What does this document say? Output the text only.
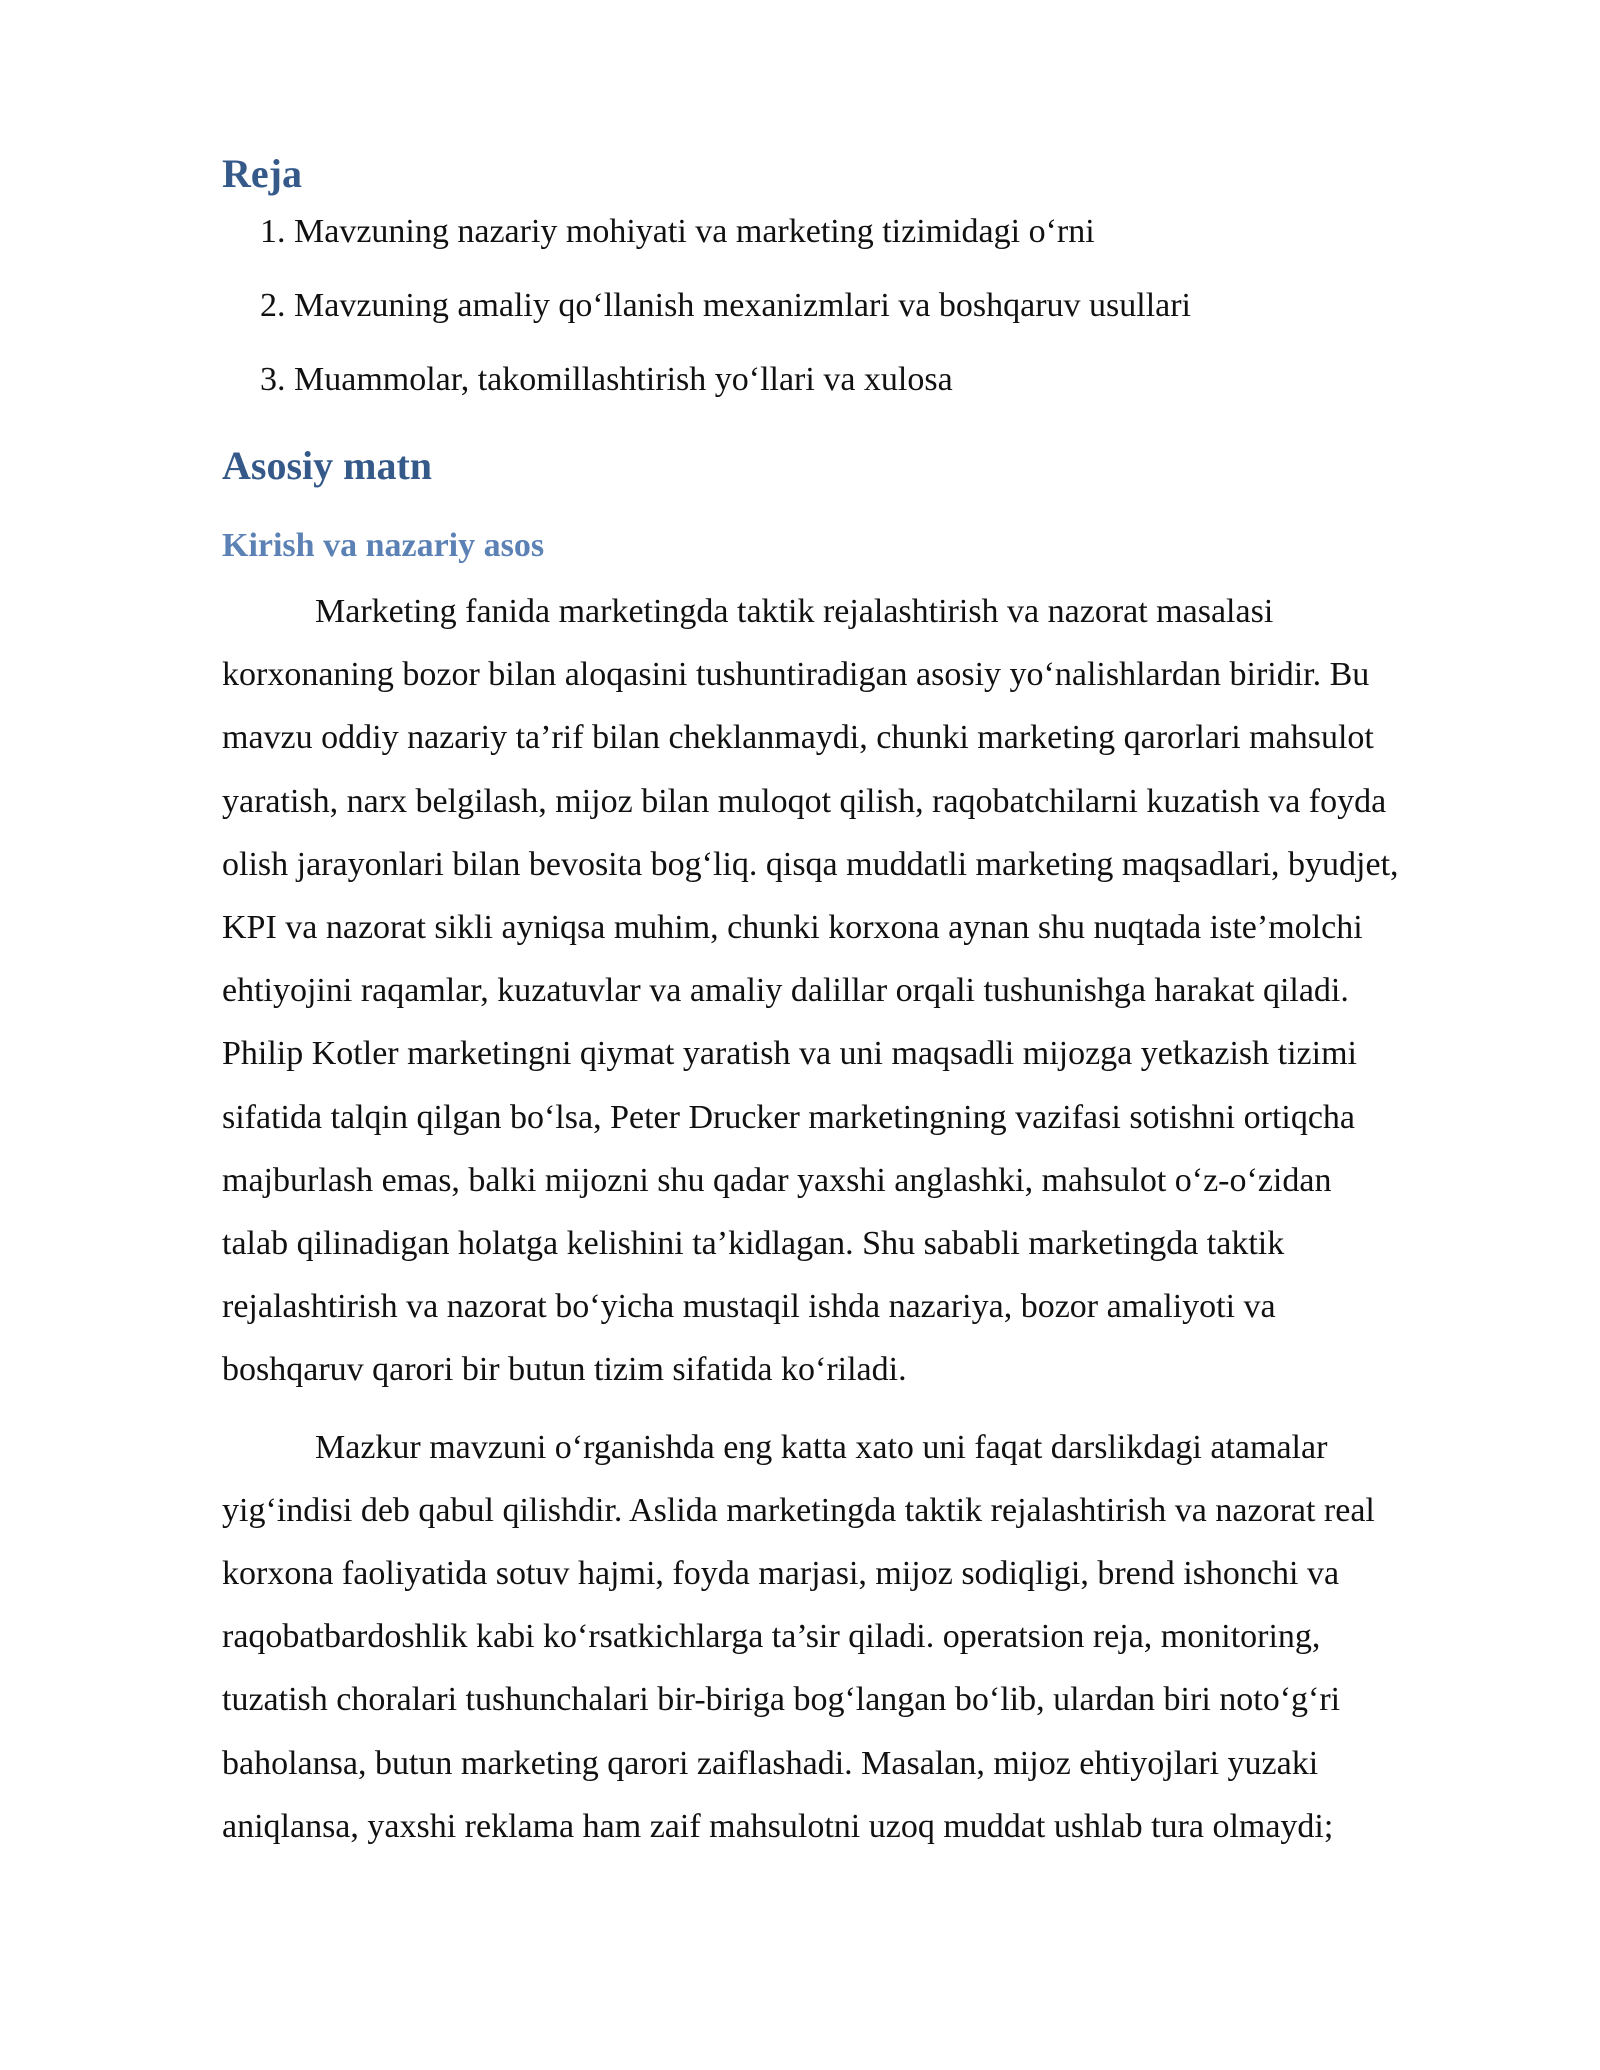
Reja
1. Mavzuning nazariy mohiyati va marketing tizimidagi o‘rni
2. Mavzuning amaliy qo‘llanish mexanizmlari va boshqaruv usullari
3. Muammolar, takomillashtirish yo‘llari va xulosa
Asosiy matn
Kirish va nazariy asos

Marketing fanida marketingda taktik rejalashtirish va nazorat masalasi
korxonaning bozor bilan aloqasini tushuntiradigan asosiy yo‘nalishlardan biridir. Bu
mavzu oddiy nazariy ta’rif bilan cheklanmaydi, chunki marketing qarorlari mahsulot
yaratish, narx belgilash, mijoz bilan muloqot qilish, raqobatchilarni kuzatish va foyda
olish jarayonlari bilan bevosita bog‘liq. qisqa muddatli marketing maqsadlari, byudjet,
KPI va nazorat sikli ayniqsa muhim, chunki korxona aynan shu nuqtada iste’molchi
ehtiyojini raqamlar, kuzatuvlar va amaliy dalillar orqali tushunishga harakat qiladi.
Philip Kotler marketingni qiymat yaratish va uni maqsadli mijozga yetkazish tizimi
sifatida talqin qilgan bo‘lsa, Peter Drucker marketingning vazifasi sotishni ortiqcha
majburlash emas, balki mijozni shu qadar yaxshi anglashki, mahsulot o‘z-o‘zidan
talab qilinadigan holatga kelishini ta’kidlagan. Shu sababli marketingda taktik
rejalashtirish va nazorat bo‘yicha mustaqil ishda nazariya, bozor amaliyoti va
boshqaruv qarori bir butun tizim sifatida ko‘riladi.

Mazkur mavzuni o‘rganishda eng katta xato uni faqat darslikdagi atamalar
yig‘indisi deb qabul qilishdir. Aslida marketingda taktik rejalashtirish va nazorat real
korxona faoliyatida sotuv hajmi, foyda marjasi, mijoz sodiqligi, brend ishonchi va
raqobatbardoshlik kabi ko‘rsatkichlarga ta’sir qiladi. operatsion reja, monitoring,
tuzatish choralari tushunchalari bir-biriga bog‘langan bo‘lib, ulardan biri noto‘g‘ri
baholansa, butun marketing qarori zaiflashadi. Masalan, mijoz ehtiyojlari yuzaki
aniqlansa, yaxshi reklama ham zaif mahsulotni uzoq muddat ushlab tura olmaydi;
